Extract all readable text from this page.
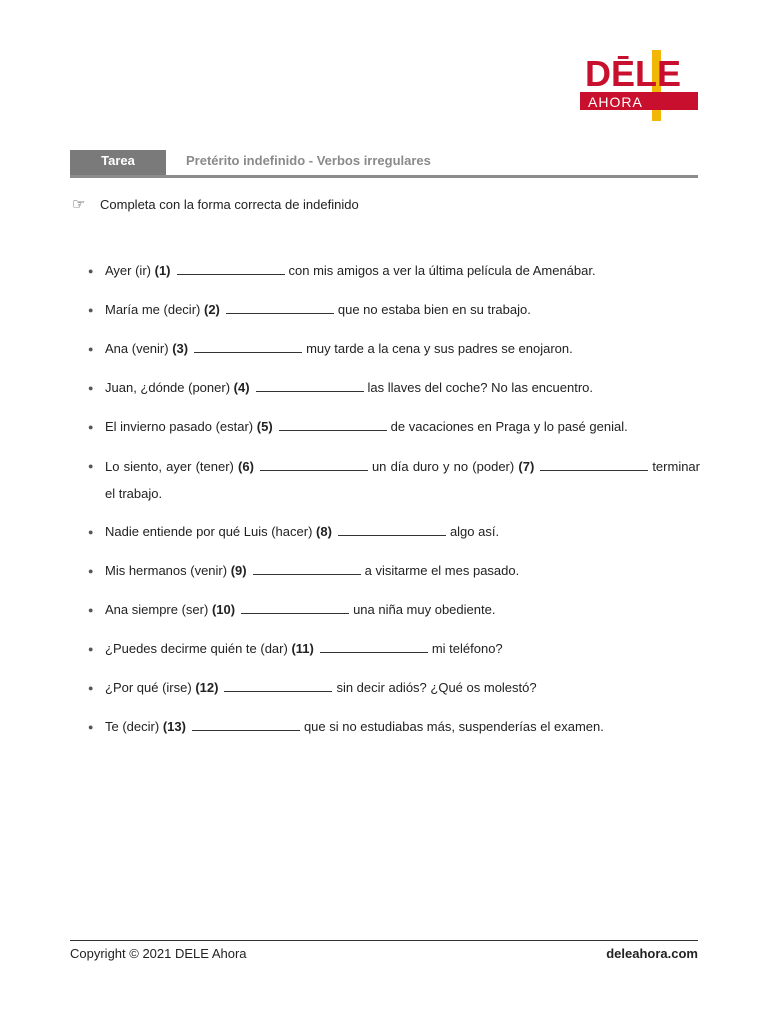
DĒLE
AHORA
Tarea	Pretérito indefinido - Verbos irregulares
☞ Completa con la forma correcta de indefinido
● Ayer (ir) (1)	con mis amigos a ver la última película de Amenábar.
● María me (decir) (2)	que no estaba bien en su trabajo.
● Ana (venir) (3)	muy tarde a la cena y sus padres se enojaron.
● Juan, ¿dónde (poner) (4)	las llaves del coche? No las encuentro.
● El invierno pasado (estar) (5)	de vacaciones en Praga y lo pasé genial.
● Lo siento, ayer (tener) (6)	un día duro y no (poder) (7)	terminar el trabajo.
● Nadie entiende por qué Luis (hacer) (8)	algo así.
● Mis hermanos (venir) (9)	a visitarme el mes pasado.
● Ana siempre (ser) (10)	una niña muy obediente.
● ¿Puedes decirme quién te (dar) (11)	mi teléfono?
● ¿Por qué (irse) (12)	sin decir adiós? ¿Qué os molestó?
● Te (decir) (13)	que si no estudiabas más, suspenderías el examen.
Copyright © 2021 DELE Ahora	deleahora.com
